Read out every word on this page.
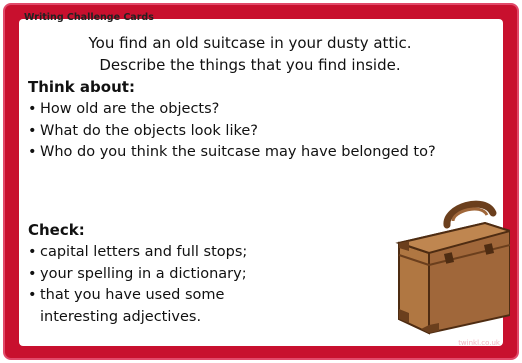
Writing Challenge Cards
You find an old suitcase in your dusty attic.
Describe the things that you find inside.
Think about:
• How old are the objects?
• What do the objects look like?
• Who do you think the suitcase may have belonged to?
Check:
• capital letters and full stops;
• your spelling in a dictionary;
• that you have used some
interesting adjectives.
twinkl.co.uk
